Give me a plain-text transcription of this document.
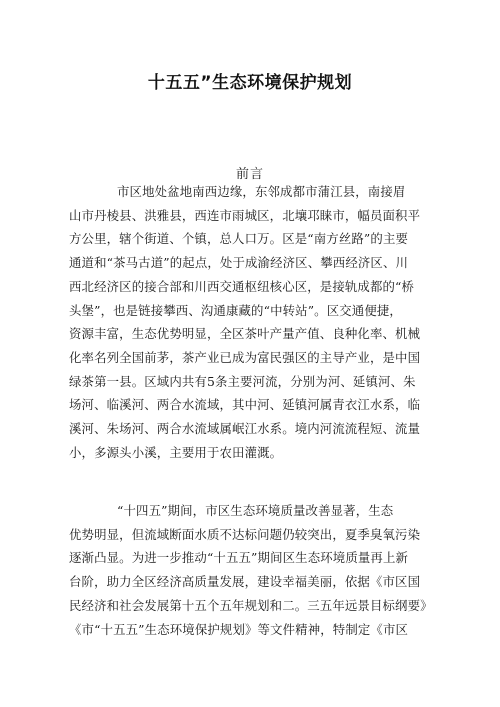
十五五”生态环境保护规划
前言
市区地处盆地南西边缘，东邻成都市蒲江县，南接眉
山市丹棱县、洪雅县，西连市雨城区，北壤邛睐市，幅员面积平
方公里，辖个街道、个镇，总人口万。区是“南方丝路”的主要
通道和“茶马古道”的起点，处于成渝经济区、攀西经济区、川
西北经济区的接合部和川西交通枢纽核心区，是接轨成都的“桥
头堡”，也是链接攀西、沟通康藏的“中转站”。区交通便捷，
资源丰富，生态优势明显，全区茶叶产量产值、良种化率、机械
化率名列全国前茅，茶产业已成为富民强区的主导产业，是中国
绿茶第一县。区域内共有5条主要河流，分别为河、延镇河、朱
场河、临溪河、两合水流域，其中河、延镇河属青衣江水系，临
溪河、朱场河、两合水流域属岷江水系。境内河流流程短、流量
小，多源头小溪，主要用于农田灌溉。
“十四五”期间，市区生态环境质量改善显著，生态
优势明显，但流域断面水质不达标问题仍较突出，夏季臭氧污染
逐渐凸显。为进一步推动“十五五”期间区生态环境质量再上新
台阶，助力全区经济高质量发展，建设幸福美丽，依据《市区国
民经济和社会发展第十五个五年规划和二。三五年远景目标纲要》
《市“十五五”生态环境保护规划》等文件精神，特制定《市区
